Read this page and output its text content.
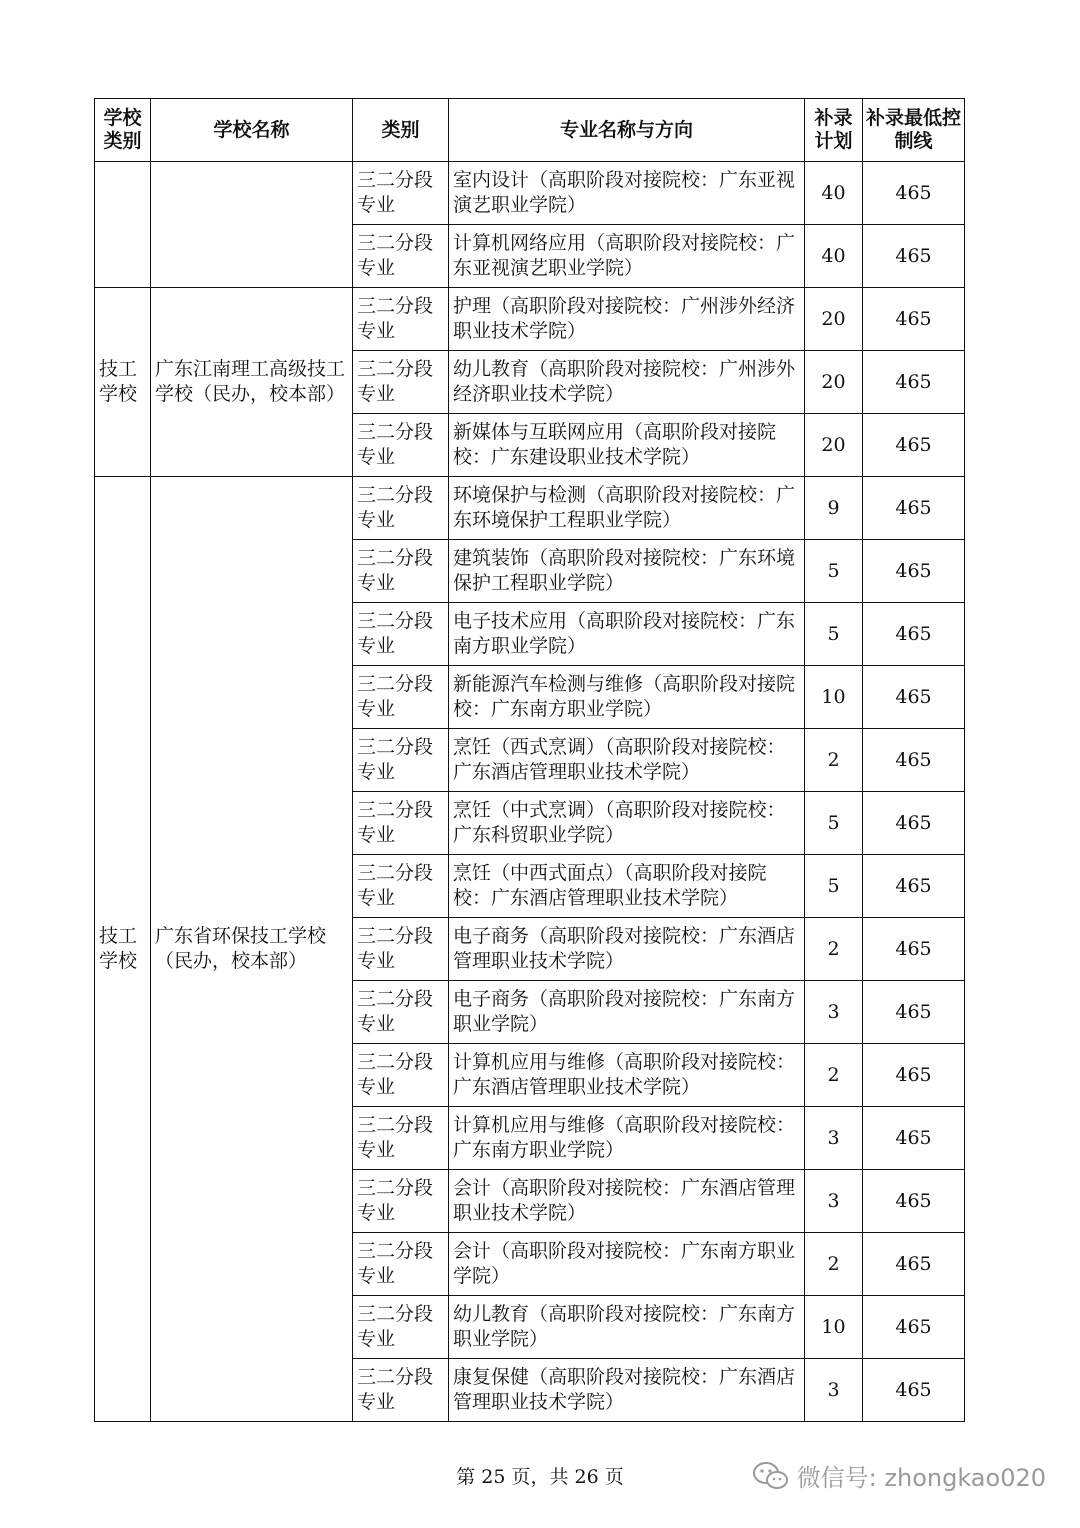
学校类别	学校名称	类别	专业名称与方向	补录计划	补录最低控制线
		三二分段专业	室内设计（高职阶段对接院校：广东亚视演艺职业学院）	40	465
		三二分段专业	计算机网络应用（高职阶段对接院校：广东亚视演艺职业学院）	40	465
技工学校	广东江南理工高级技工学校（民办，校本部）	三二分段专业	护理（高职阶段对接院校：广州涉外经济职业技术学院）	20	465
		三二分段专业	幼儿教育（高职阶段对接院校：广州涉外经济职业技术学院）	20	465
		三二分段专业	新媒体与互联网应用（高职阶段对接院校：广东建设职业技术学院）	20	465
技工学校	广东省环保技工学校（民办，校本部）	三二分段专业	环境保护与检测（高职阶段对接院校：广东环境保护工程职业学院）	9	465
		三二分段专业	建筑装饰（高职阶段对接院校：广东环境保护工程职业学院）	5	465
		三二分段专业	电子技术应用（高职阶段对接院校：广东南方职业学院）	5	465
		三二分段专业	新能源汽车检测与维修（高职阶段对接院校：广东南方职业学院）	10	465
		三二分段专业	烹饪（西式烹调）（高职阶段对接院校：广东酒店管理职业技术学院）	2	465
		三二分段专业	烹饪（中式烹调）（高职阶段对接院校：广东科贸职业学院）	5	465
		三二分段专业	烹饪（中西式面点）（高职阶段对接院校：广东酒店管理职业技术学院）	5	465
		三二分段专业	电子商务（高职阶段对接院校：广东酒店管理职业技术学院）	2	465
		三二分段专业	电子商务（高职阶段对接院校：广东南方职业学院）	3	465
		三二分段专业	计算机应用与维修（高职阶段对接院校：广东酒店管理职业技术学院）	2	465
		三二分段专业	计算机应用与维修（高职阶段对接院校：广东南方职业学院）	3	465
		三二分段专业	会计（高职阶段对接院校：广东酒店管理职业技术学院）	3	465
		三二分段专业	会计（高职阶段对接院校：广东南方职业学院）	2	465
		三二分段专业	幼儿教育（高职阶段对接院校：广东南方职业学院）	10	465
		三二分段专业	康复保健（高职阶段对接院校：广东酒店管理职业技术学院）	3	465
第 25 页，共 26 页	微信号: zhongkao020
